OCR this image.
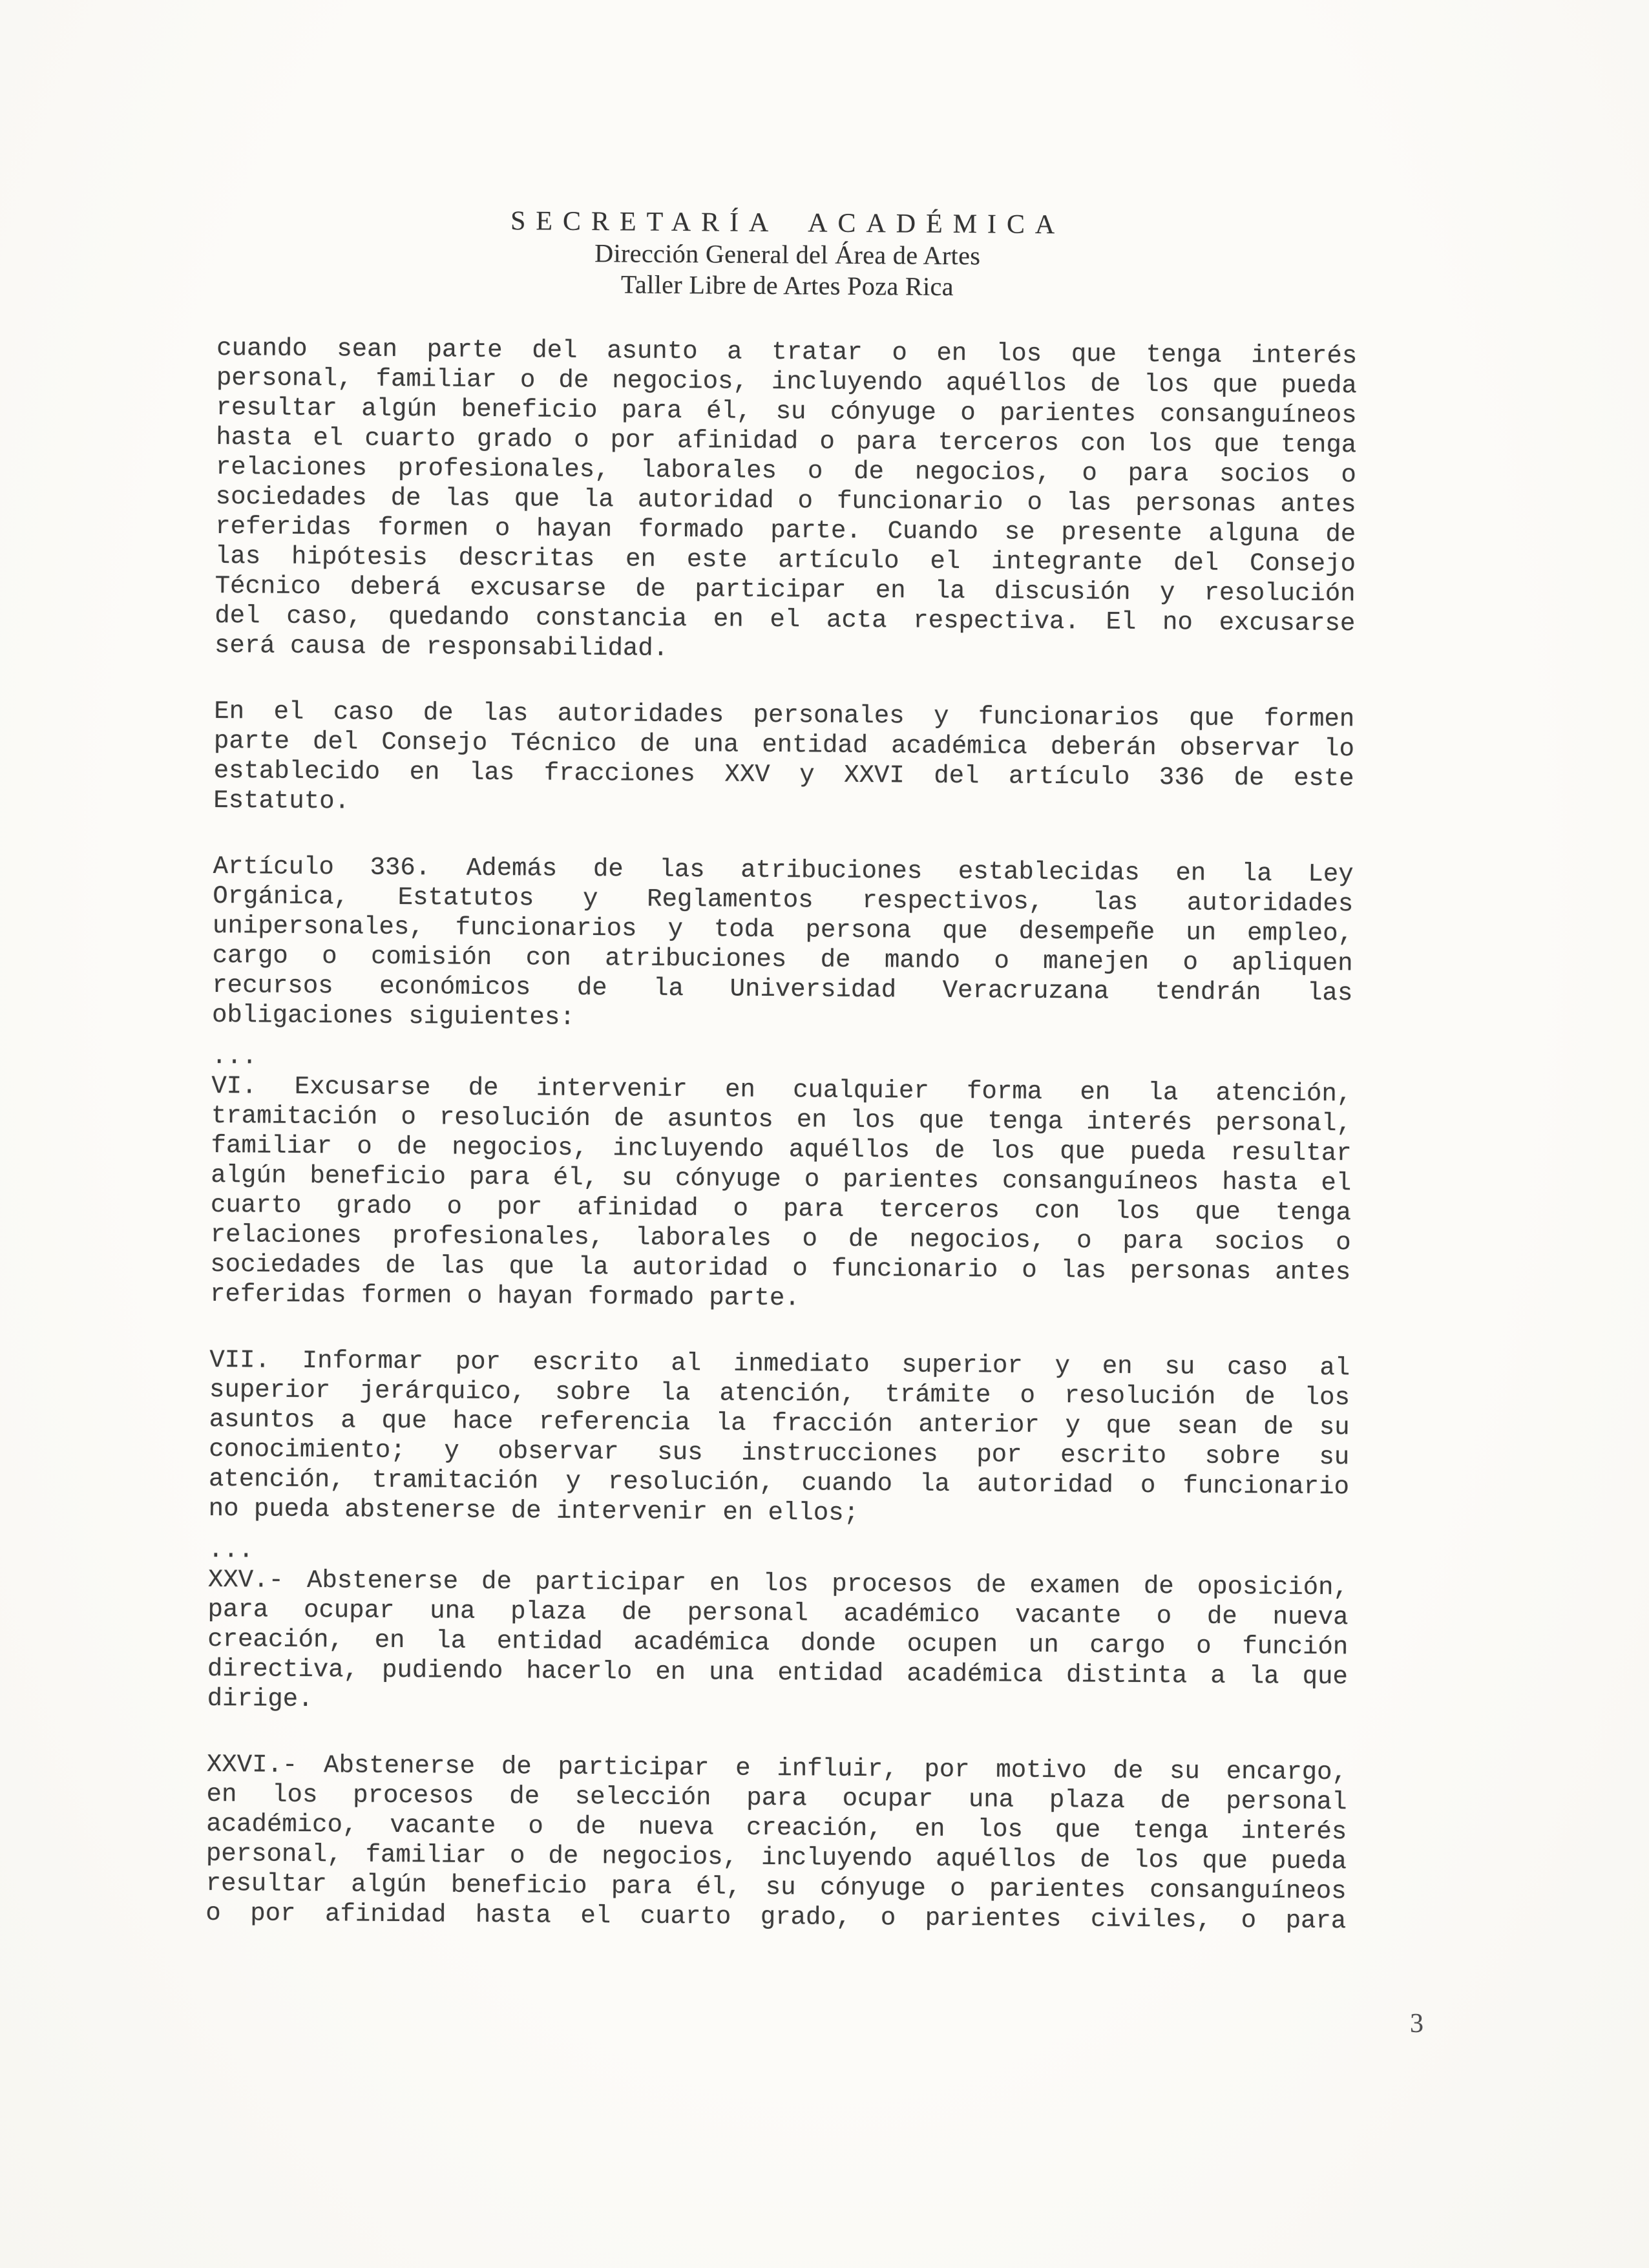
SECRETARÍA ACADÉMICA
Dirección General del Área de Artes
Taller Libre de Artes Poza Rica
cuando sean parte del asunto a tratar o en los que tenga interés
personal, familiar o de negocios, incluyendo aquéllos de los que pueda
resultar algún beneficio para él, su cónyuge o parientes consanguíneos
hasta el cuarto grado o por afinidad o para terceros con los que tenga
relaciones profesionales, laborales o de negocios, o para socios o
sociedades de las que la autoridad o funcionario o las personas antes
referidas formen o hayan formado parte. Cuando se presente alguna de
las hipótesis descritas en este artículo el integrante del Consejo
Técnico deberá excusarse de participar en la discusión y resolución
del caso, quedando constancia en el acta respectiva. El no excusarse
será causa de responsabilidad.
En el caso de las autoridades personales y funcionarios que formen
parte del Consejo Técnico de una entidad académica deberán observar lo
establecido en las fracciones XXV y XXVI del artículo 336 de este
Estatuto.
Artículo 336. Además de las atribuciones establecidas en la Ley
Orgánica, Estatutos y Reglamentos respectivos, las autoridades
unipersonales, funcionarios y toda persona que desempeñe un empleo,
cargo o comisión con atribuciones de mando o manejen o apliquen
recursos económicos de la Universidad Veracruzana tendrán las
obligaciones siguientes:
...
VI. Excusarse de intervenir en cualquier forma en la atención,
tramitación o resolución de asuntos en los que tenga interés personal,
familiar o de negocios, incluyendo aquéllos de los que pueda resultar
algún beneficio para él, su cónyuge o parientes consanguíneos hasta el
cuarto grado o por afinidad o para terceros con los que tenga
relaciones profesionales, laborales o de negocios, o para socios o
sociedades de las que la autoridad o funcionario o las personas antes
referidas formen o hayan formado parte.
VII. Informar por escrito al inmediato superior y en su caso al
superior jerárquico, sobre la atención, trámite o resolución de los
asuntos a que hace referencia la fracción anterior y que sean de su
conocimiento; y observar sus instrucciones por escrito sobre su
atención, tramitación y resolución, cuando la autoridad o funcionario
no pueda abstenerse de intervenir en ellos;
...
XXV.- Abstenerse de participar en los procesos de examen de oposición,
para ocupar una plaza de personal académico vacante o de nueva
creación, en la entidad académica donde ocupen un cargo o función
directiva, pudiendo hacerlo en una entidad académica distinta a la que
dirige.
XXVI.- Abstenerse de participar e influir, por motivo de su encargo,
en los procesos de selección para ocupar una plaza de personal
académico, vacante o de nueva creación, en los que tenga interés
personal, familiar o de negocios, incluyendo aquéllos de los que pueda
resultar algún beneficio para él, su cónyuge o parientes consanguíneos
o por afinidad hasta el cuarto grado, o parientes civiles, o para
3
